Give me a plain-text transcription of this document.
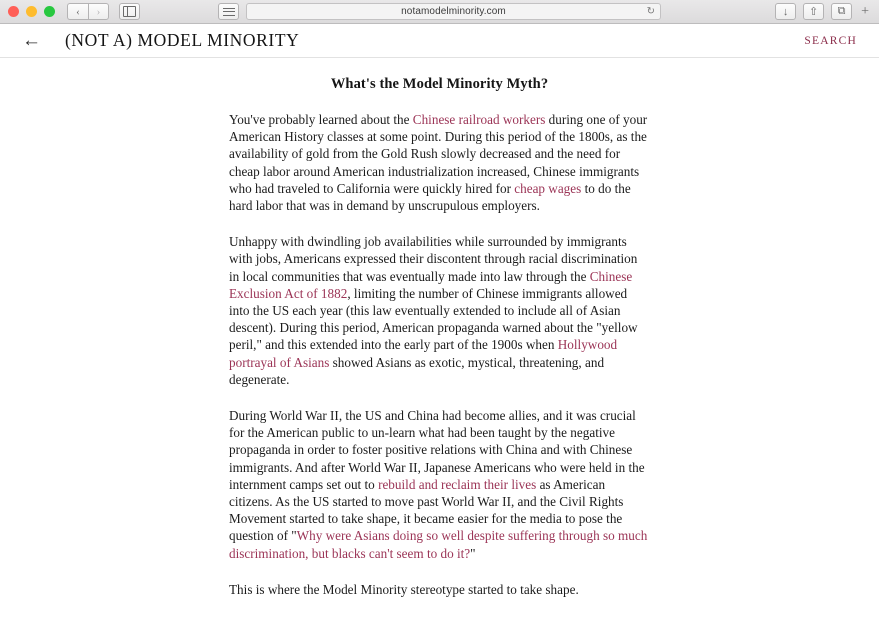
‹	›	notamodelminority.com	↻	↓	⇧	⧉	+
← (NOT A) MODEL MINORITY	SEARCH
What's the Model Minority Myth?

You've probably learned about the Chinese railroad workers during one of your American History classes at some point. During this period of the 1800s, as the availability of gold from the Gold Rush slowly decreased and the need for cheap labor around American industrialization increased, Chinese immigrants who had traveled to California were quickly hired for cheap wages to do the hard labor that was in demand by unscrupulous employers.

Unhappy with dwindling job availabilities while surrounded by immigrants with jobs, Americans expressed their discontent through racial discrimination in local communities that was eventually made into law through the Chinese Exclusion Act of 1882, limiting the number of Chinese immigrants allowed into the US each year (this law eventually extended to include all of Asian descent). During this period, American propaganda warned about the "yellow peril," and this extended into the early part of the 1900s when Hollywood portrayal of Asians showed Asians as exotic, mystical, threatening, and degenerate.

During World War II, the US and China had become allies, and it was crucial for the American public to un-learn what had been taught by the negative propaganda in order to foster positive relations with China and with Chinese immigrants. And after World War II, Japanese Americans who were held in the internment camps set out to rebuild and reclaim their lives as American citizens. As the US started to move past World War II, and the Civil Rights Movement started to take shape, it became easier for the media to pose the question of "Why were Asians doing so well despite suffering through so much discrimination, but blacks can't seem to do it?"

This is where the Model Minority stereotype started to take shape.
